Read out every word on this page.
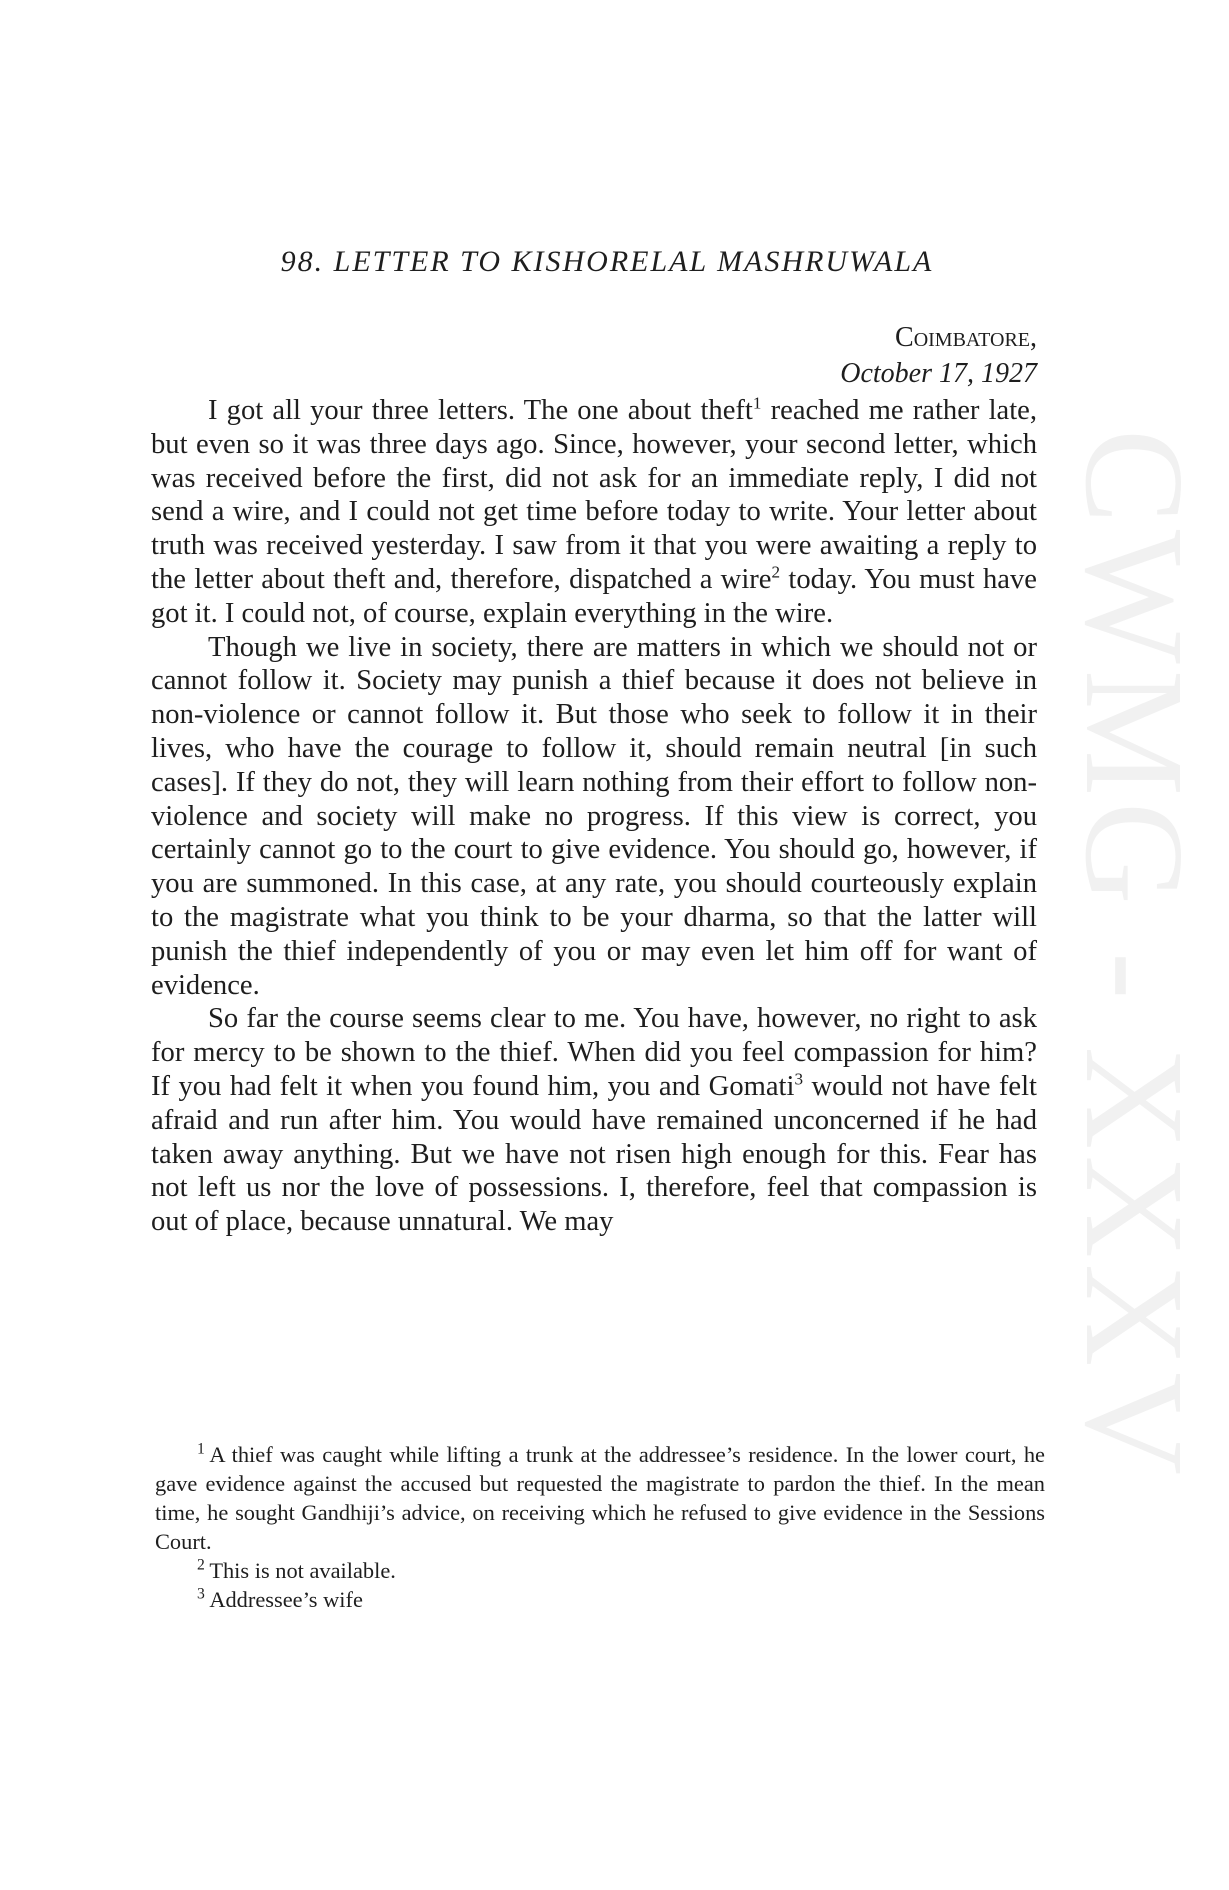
CWMG - XXXV
98. LETTER TO KISHORELAL MASHRUWALA
Coimbatore,
October 17, 1927

I got all your three letters. The one about theft$^1$ reached me rather late, but even so it was three days ago. Since, however, your second letter, which was received before the first, did not ask for an immediate reply, I did not send a wire, and I could not get time before today to write. Your letter about truth was received yesterday. I saw from it that you were awaiting a reply to the letter about theft and, therefore, dispatched a wire$^2$ today. You must have got it. I could not, of course, explain everything in the wire.

Though we live in society, there are matters in which we should not or cannot follow it. Society may punish a thief because it does not believe in non-violence or cannot follow it. But those who seek to follow it in their lives, who have the courage to follow it, should remain neutral [in such cases]. If they do not, they will learn nothing from their effort to follow non-violence and society will make no progress. If this view is correct, you certainly cannot go to the court to give evidence. You should go, however, if you are summoned. In this case, at any rate, you should courteously explain to the magistrate what you think to be your dharma, so that the latter will punish the thief independently of you or may even let him off for want of evidence.

So far the course seems clear to me. You have, however, no right to ask for mercy to be shown to the thief. When did you feel compassion for him? If you had felt it when you found him, you and Gomati$^3$ would not have felt afraid and run after him. You would have remained unconcerned if he had taken away anything. But we have not risen high enough for this. Fear has not left us nor the love of possessions. I, therefore, feel that compassion is out of place, because unnatural. We may

$^1$  A thief was caught while lifting a trunk at the addressee’s residence. In the lower court, he gave evidence against the accused but requested the magistrate to pardon the thief. In the mean time, he sought Gandhiji’s advice, on receiving which he refused to give evidence in the Sessions Court.
$^2$  This is not available.
$^3$  Addressee’s wife
